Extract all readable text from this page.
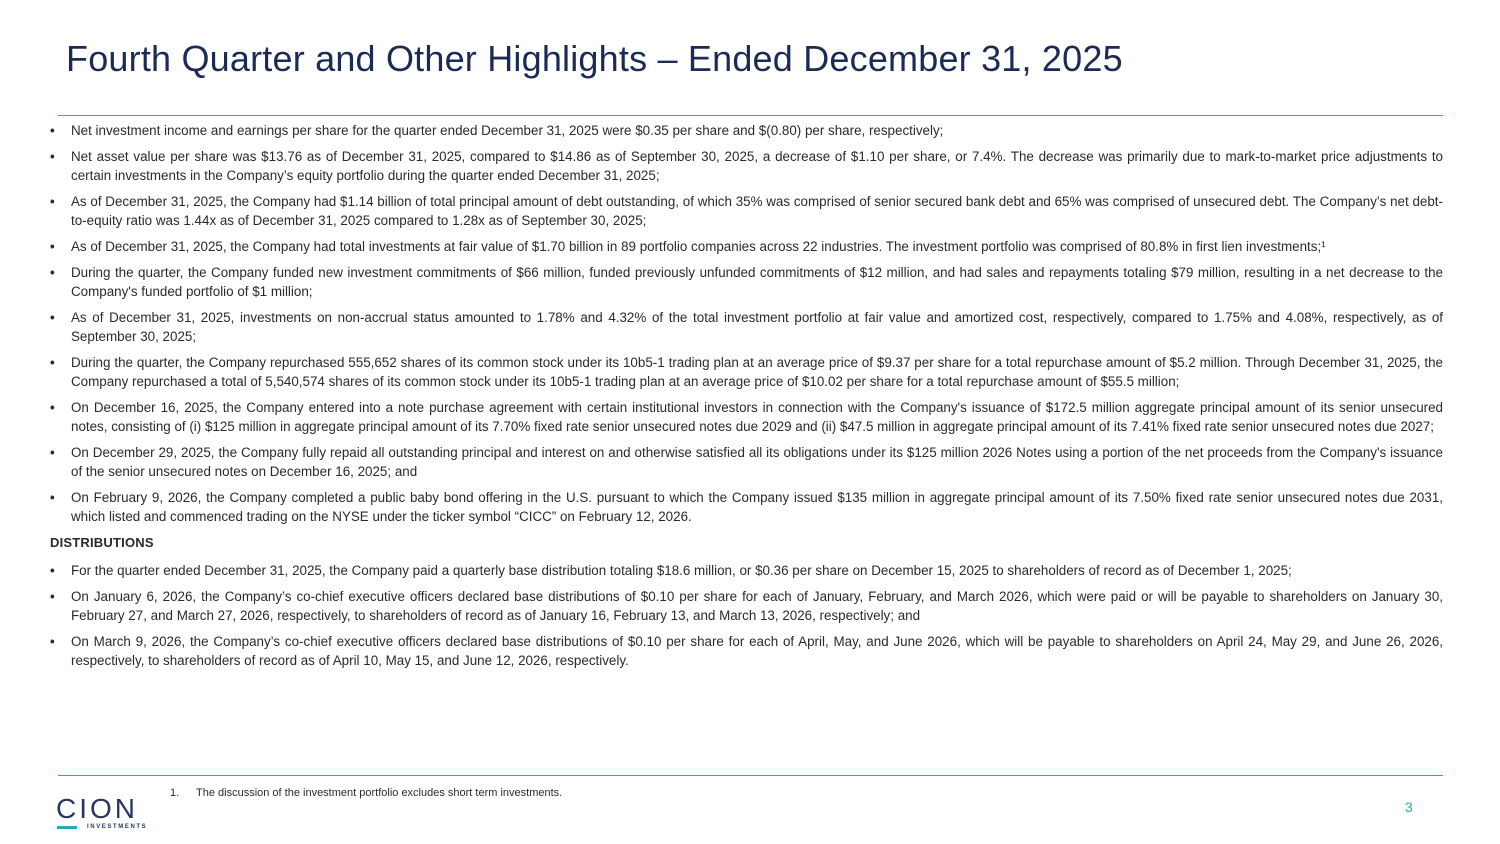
Fourth Quarter and Other Highlights – Ended December 31, 2025
•	Net investment income and earnings per share for the quarter ended December 31, 2025 were $0.35 per share and $(0.80) per share, respectively;
•	Net asset value per share was $13.76 as of December 31, 2025, compared to $14.86 as of September 30, 2025, a decrease of $1.10 per share, or 7.4%. The decrease was primarily due to mark-to-market price adjustments to certain investments in the Company’s equity portfolio during the quarter ended December 31, 2025;
•	As of December 31, 2025, the Company had $1.14 billion of total principal amount of debt outstanding, of which 35% was comprised of senior secured bank debt and 65% was comprised of unsecured debt. The Company’s net debt-to-equity ratio was 1.44x as of December 31, 2025 compared to 1.28x as of September 30, 2025;
•	As of December 31, 2025, the Company had total investments at fair value of $1.70 billion in 89 portfolio companies across 22 industries. The investment portfolio was comprised of 80.8% in first lien investments;¹
•	During the quarter, the Company funded new investment commitments of $66 million, funded previously unfunded commitments of $12 million, and had sales and repayments totaling $79 million, resulting in a net decrease to the Company's funded portfolio of $1 million;
•	As of December 31, 2025, investments on non-accrual status amounted to 1.78% and 4.32% of the total investment portfolio at fair value and amortized cost, respectively, compared to 1.75% and 4.08%, respectively, as of September 30, 2025;
•	During the quarter, the Company repurchased 555,652 shares of its common stock under its 10b5-1 trading plan at an average price of $9.37 per share for a total repurchase amount of $5.2 million. Through December 31, 2025, the Company repurchased a total of 5,540,574 shares of its common stock under its 10b5-1 trading plan at an average price of $10.02 per share for a total repurchase amount of $55.5 million;
•	On December 16, 2025, the Company entered into a note purchase agreement with certain institutional investors in connection with the Company's issuance of $172.5 million aggregate principal amount of its senior unsecured notes, consisting of (i) $125 million in aggregate principal amount of its 7.70% fixed rate senior unsecured notes due 2029 and (ii) $47.5 million in aggregate principal amount of its 7.41% fixed rate senior unsecured notes due 2027;
•	On December 29, 2025, the Company fully repaid all outstanding principal and interest on and otherwise satisfied all its obligations under its $125 million 2026 Notes using a portion of the net proceeds from the Company's issuance of the senior unsecured notes on December 16, 2025; and
•	On February 9, 2026, the Company completed a public baby bond offering in the U.S. pursuant to which the Company issued $135 million in aggregate principal amount of its 7.50% fixed rate senior unsecured notes due 2031, which listed and commenced trading on the NYSE under the ticker symbol “CICC” on February 12, 2026.
DISTRIBUTIONS
•	For the quarter ended December 31, 2025, the Company paid a quarterly base distribution totaling $18.6 million, or $0.36 per share on December 15, 2025 to shareholders of record as of December 1, 2025;
•	On January 6, 2026, the Company’s co-chief executive officers declared base distributions of $0.10 per share for each of January, February, and March 2026, which were paid or will be payable to shareholders on January 30, February 27, and March 27, 2026, respectively, to shareholders of record as of January 16, February 13, and March 13, 2026, respectively; and
•	On March 9, 2026, the Company’s co-chief executive officers declared base distributions of $0.10 per share for each of April, May, and June 2026, which will be payable to shareholders on April 24, May 29, and June 26, 2026, respectively, to shareholders of record as of April 10, May 15, and June 12, 2026, respectively.
CION
INVESTMENTS
1. The discussion of the investment portfolio excludes short term investments.
3
